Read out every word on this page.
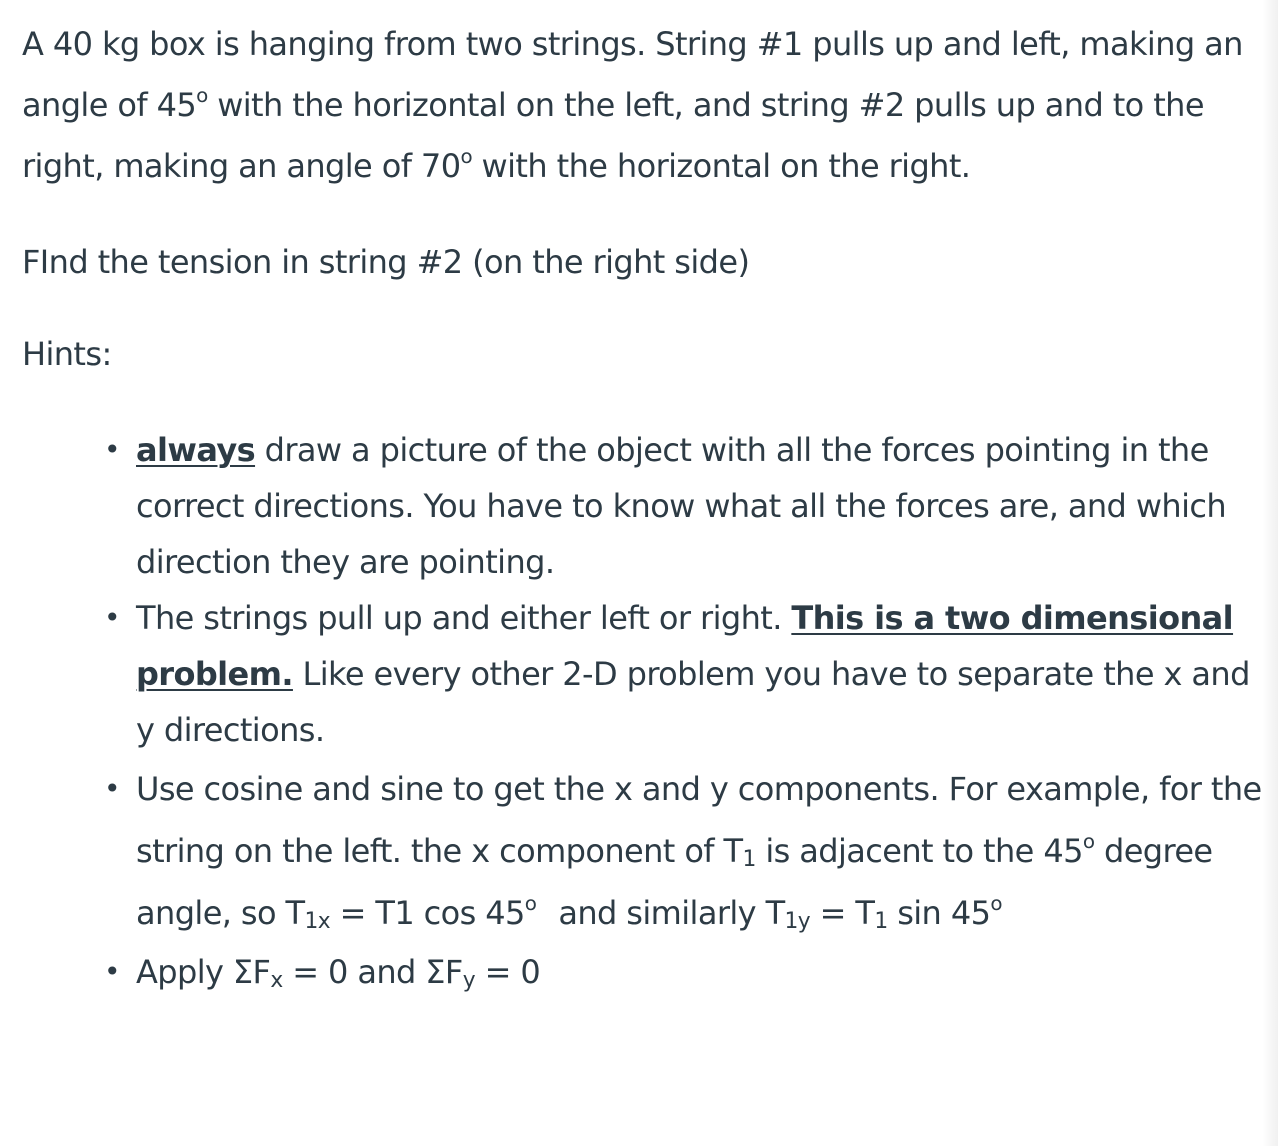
A 40 kg box is hanging from two strings. String #1 pulls up and left, making an angle of 45$^o$ with the horizontal on the left, and string #2 pulls up and to the right, making an angle of 70$^o$ with the horizontal on the right.

FInd the tension in string #2 (on the right side)

Hints:

• always draw a picture of the object with all the forces pointing in the correct directions. You have to know what all the forces are, and which direction they are pointing.
• The strings pull up and either left or right. This is a two dimensional problem. Like every other 2-D problem you have to separate the x and y directions.
• Use cosine and sine to get the x and y components. For example, for the string on the left. the x component of $T_1$ is adjacent to the 45$^o$ degree angle, so $T_{1x} = T1$ cos 45$^o$ and similarly $T_{1y} = T_1$ sin 45$^o$
• Apply $\Sigma F_x = 0$ and $\Sigma F_y = 0$
